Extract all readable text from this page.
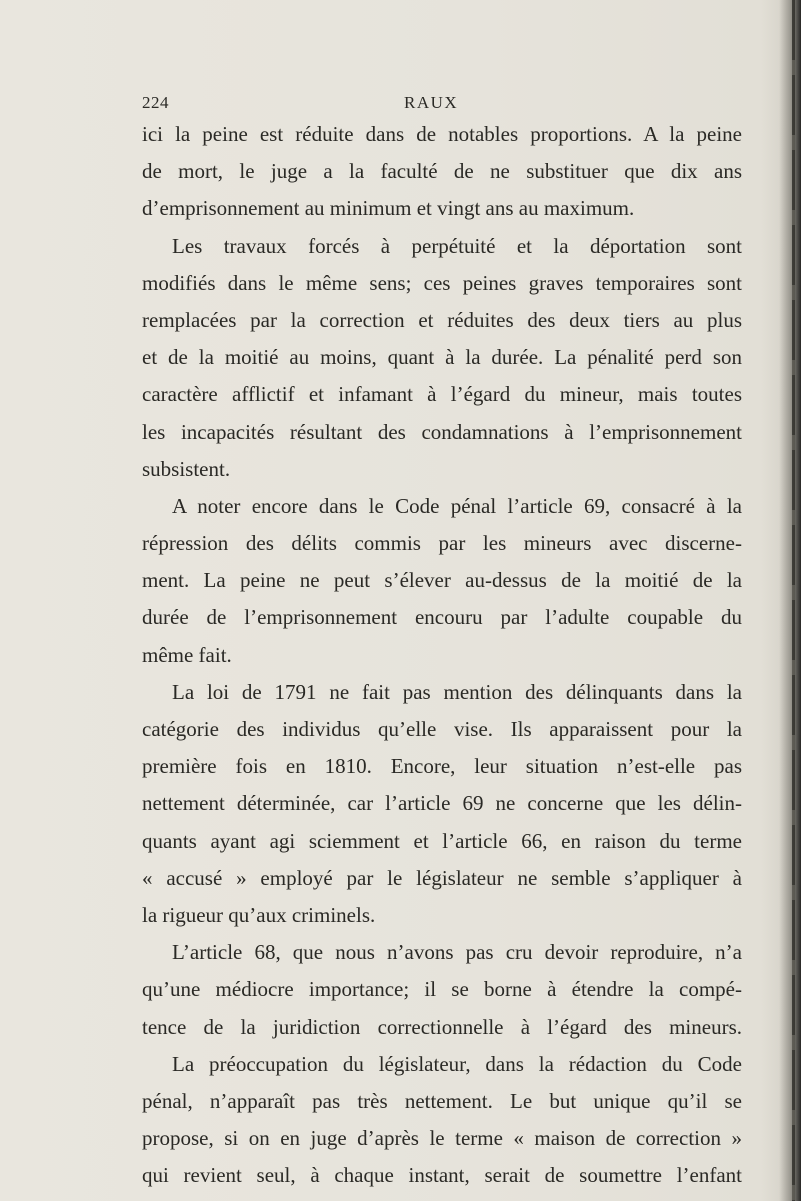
224	RAUX
ici la peine est réduite dans de notables proportions. A la peine
de mort, le juge a la faculté de ne substituer que dix ans
d’emprisonnement au minimum et vingt ans au maximum.
Les travaux forcés à perpétuité et la déportation sont
modifiés dans le même sens; ces peines graves temporaires sont
remplacées par la correction et réduites des deux tiers au plus
et de la moitié au moins, quant à la durée. La pénalité perd son
caractère afflictif et infamant à l’égard du mineur, mais toutes
les incapacités résultant des condamnations à l’emprisonnement
subsistent.
A noter encore dans le Code pénal l’article 69, consacré à la
répression des délits commis par les mineurs avec discerne-
ment. La peine ne peut s’élever au-dessus de la moitié de la
durée de l’emprisonnement encouru par l’adulte coupable du
même fait.
La loi de 1791 ne fait pas mention des délinquants dans la
catégorie des individus qu’elle vise. Ils apparaissent pour la
première fois en 1810. Encore, leur situation n’est-elle pas
nettement déterminée, car l’article 69 ne concerne que les délin-
quants ayant agi sciemment et l’article 66, en raison du terme
« accusé » employé par le législateur ne semble s’appliquer à
la rigueur qu’aux criminels.
L’article 68, que nous n’avons pas cru devoir reproduire, n’a
qu’une médiocre importance; il se borne à étendre la compé-
tence de la juridiction correctionnelle à l’égard des mineurs.
La préoccupation du législateur, dans la rédaction du Code
pénal, n’apparaît pas très nettement. Le but unique qu’il se
propose, si on en juge d’après le terme « maison de correction »
qui revient seul, à chaque instant, serait de soumettre l’enfant
